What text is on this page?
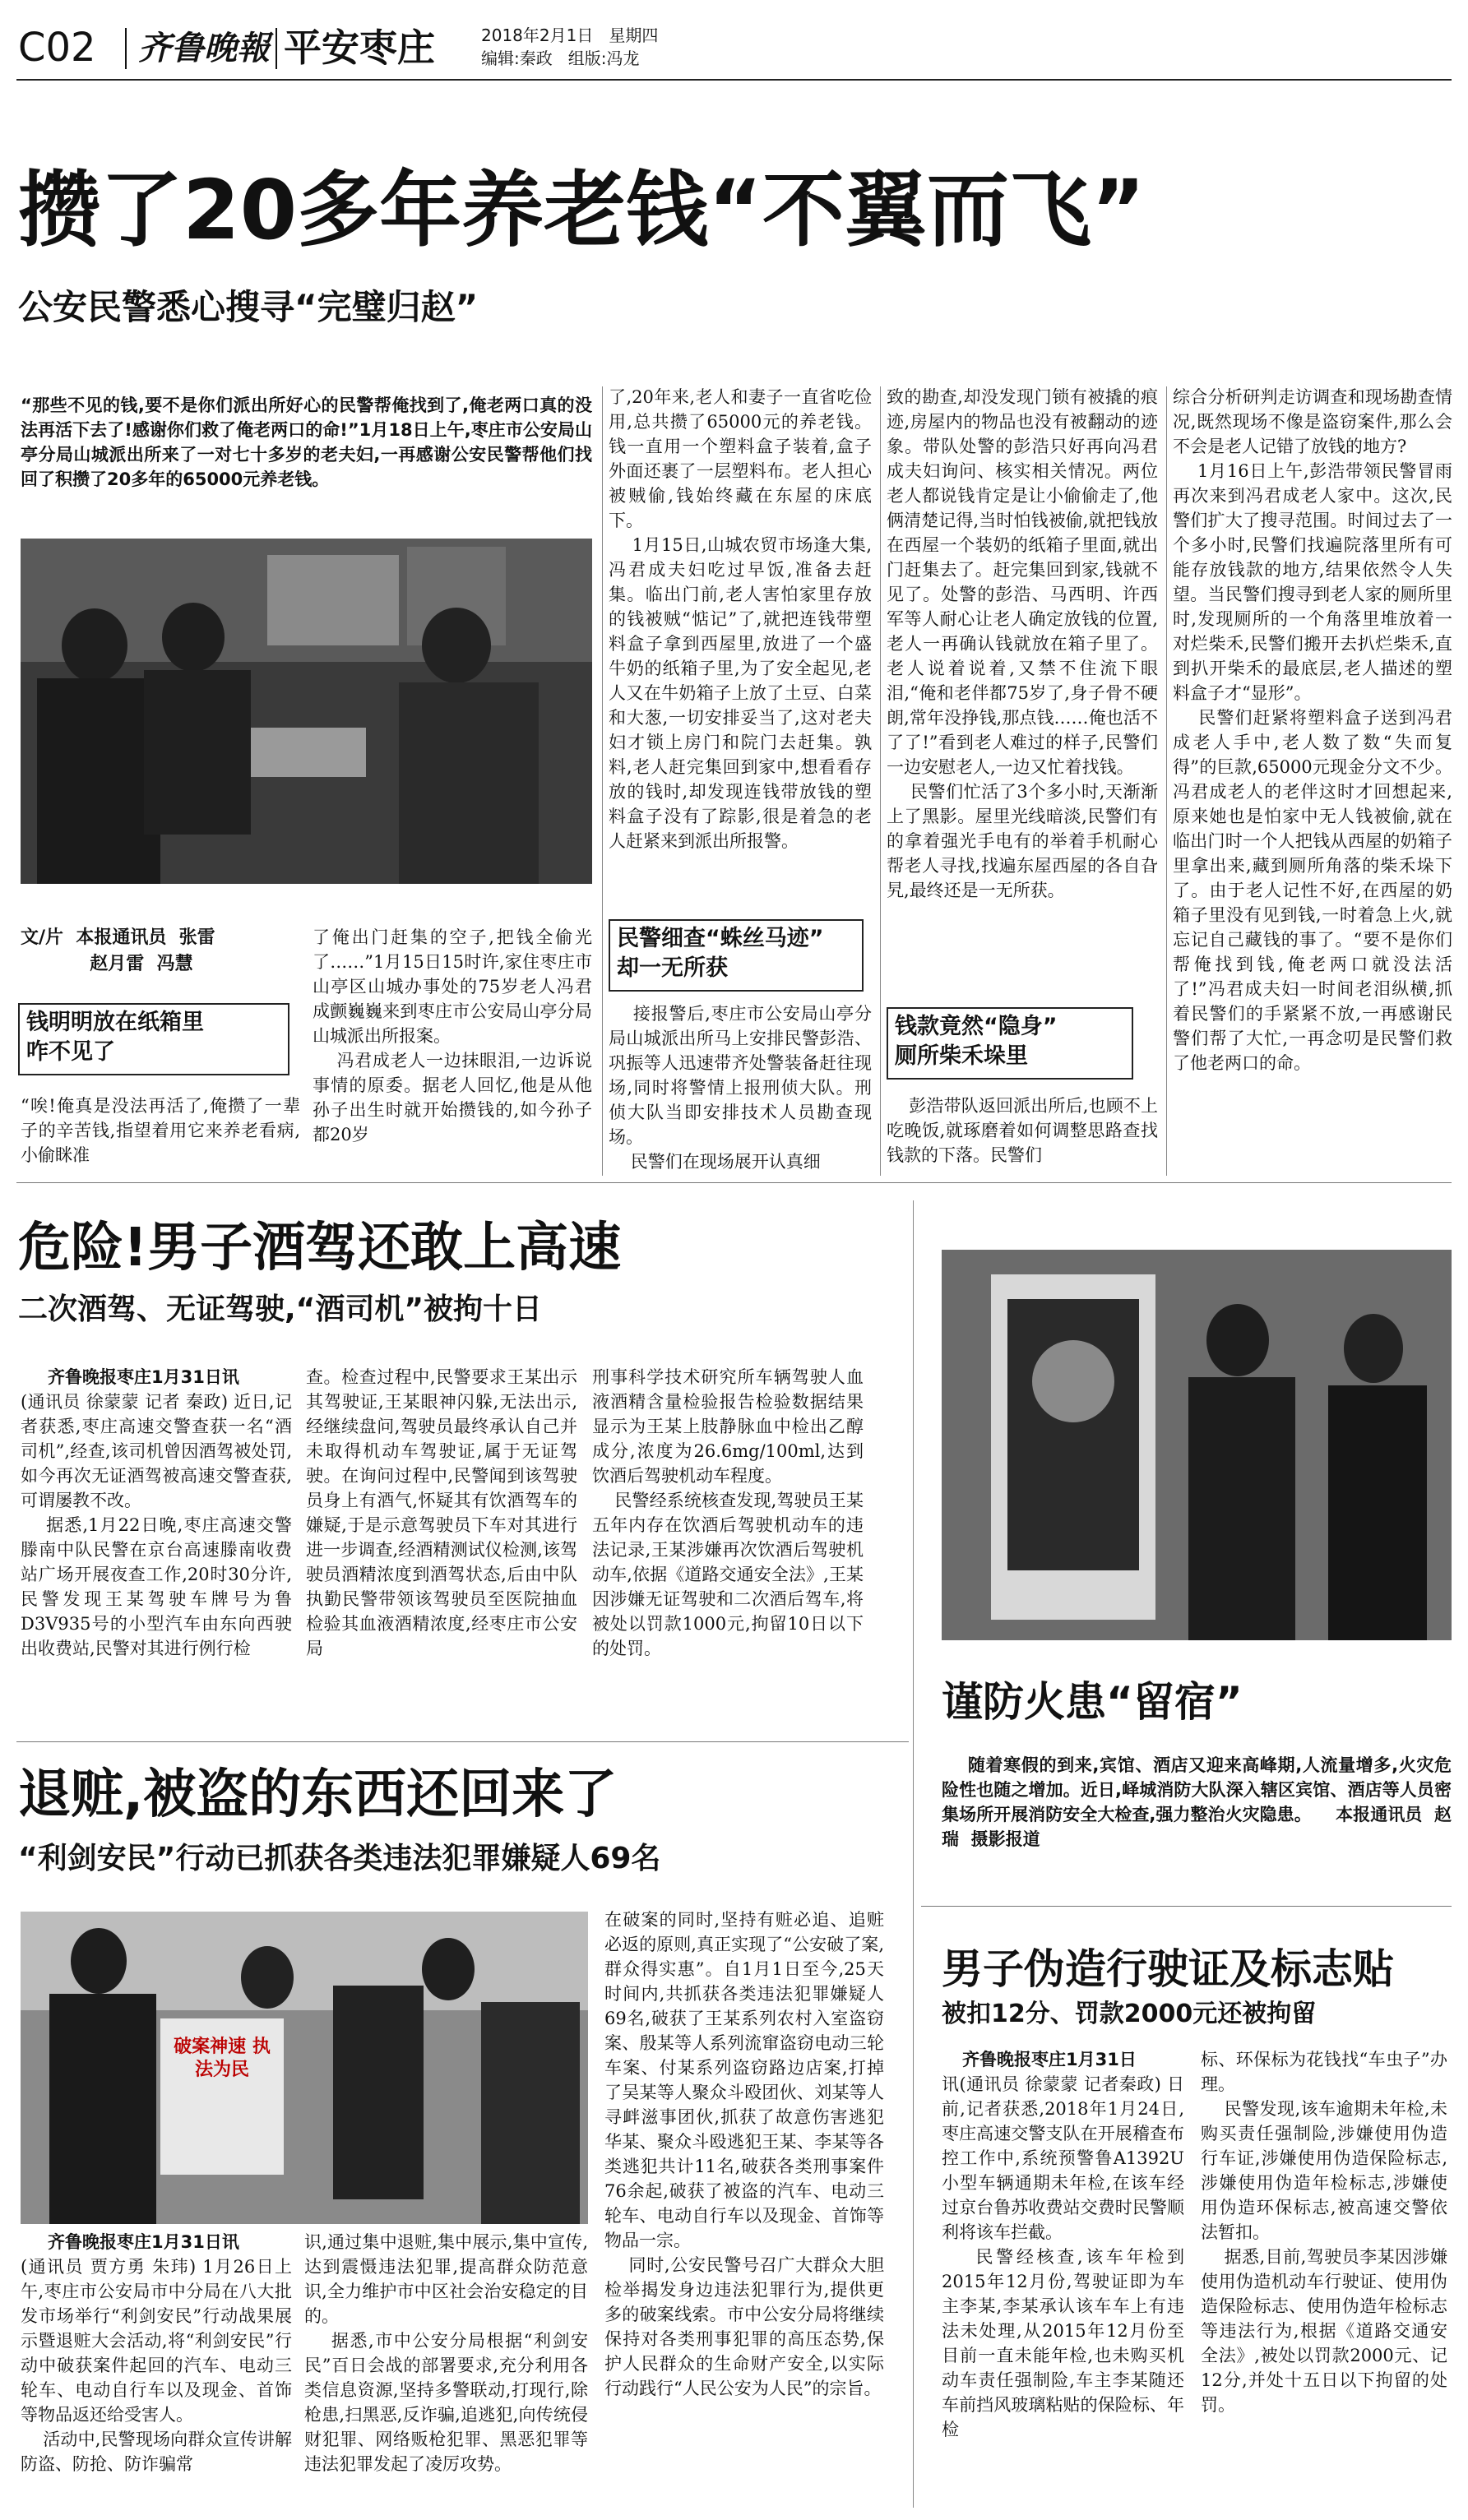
C02 齐鲁晚報 平安枣庄	2018年2月1日   星期四
编辑:秦政   组版:冯龙
攒了20多年养老钱“不翼而飞”
公安民警悉心搜寻“完璧归赵”
“那些不见的钱,要不是你们派出所好心的民警帮俺找到了,俺老两口真的没法再活下去了!感谢你们救了俺老两口的命!”1月18日上午,枣庄市公安局山亭分局山城派出所来了一对七十多岁的老夫妇,一再感谢公安民警帮他们找回了积攒了20多年的65000元养老钱。
文/片  本报通讯员  张雷
赵月雷  冯慧
钱明明放在纸箱里
咋不见了
“唉!俺真是没法再活了,俺攒了一辈子的辛苦钱,指望着用它来养老看病,小偷眯准
了俺出门赶集的空子,把钱全偷光了……”1月15日15时许,家住枣庄市山亭区山城办事处的75岁老人冯君成颤巍巍来到枣庄市公安局山亭分局山城派出所报案。
冯君成老人一边抹眼泪,一边诉说事情的原委。据老人回忆,他是从他孙子出生时就开始攒钱的,如今孙子都20岁
了,20年来,老人和妻子一直省吃俭用,总共攒了65000元的养老钱。钱一直用一个塑料盒子装着,盒子外面还裹了一层塑料布。老人担心被贼偷,钱始终藏在东屋的床底下。
1月15日,山城农贸市场逢大集,冯君成夫妇吃过早饭,准备去赶集。临出门前,老人害怕家里存放的钱被贼“惦记”了,就把连钱带塑料盒子拿到西屋里,放进了一个盛牛奶的纸箱子里,为了安全起见,老人又在牛奶箱子上放了土豆、白菜和大葱,一切安排妥当了,这对老夫妇才锁上房门和院门去赶集。孰料,老人赶完集回到家中,想看看存放的钱时,却发现连钱带放钱的塑料盒子没有了踪影,很是着急的老人赶紧来到派出所报警。
民警细查“蛛丝马迹”
却一无所获
接报警后,枣庄市公安局山亭分局山城派出所马上安排民警彭浩、巩振等人迅速带齐处警装备赶往现场,同时将警情上报刑侦大队。刑侦大队当即安排技术人员勘查现场。
民警们在现场展开认真细
致的勘查,却没发现门锁有被撬的痕迹,房屋内的物品也没有被翻动的迹象。带队处警的彭浩只好再向冯君成夫妇询问、核实相关情况。两位老人都说钱肯定是让小偷偷走了,他俩清楚记得,当时怕钱被偷,就把钱放在西屋一个装奶的纸箱子里面,就出门赶集去了。赶完集回到家,钱就不见了。处警的彭浩、马西明、许西军等人耐心让老人确定放钱的位置,老人一再确认钱就放在箱子里了。老人说着说着,又禁不住流下眼泪,“俺和老伴都75岁了,身子骨不硬朗,常年没挣钱,那点钱……俺也活不了了!”看到老人难过的样子,民警们一边安慰老人,一边又忙着找钱。
民警们忙活了3个多小时,天渐渐上了黑影。屋里光线暗淡,民警们有的拿着强光手电有的举着手机耐心帮老人寻找,找遍东屋西屋的各自旮旯,最终还是一无所获。
钱款竟然“隐身”
厕所柴禾垛里
彭浩带队返回派出所后,也顾不上吃晚饭,就琢磨着如何调整思路查找钱款的下落。民警们
综合分析研判走访调查和现场勘查情况,既然现场不像是盗窃案件,那么会不会是老人记错了放钱的地方?
1月16日上午,彭浩带领民警冒雨再次来到冯君成老人家中。这次,民警们扩大了搜寻范围。时间过去了一个多小时,民警们找遍院落里所有可能存放钱款的地方,结果依然令人失望。当民警们搜寻到老人家的厕所里时,发现厕所的一个角落里堆放着一对烂柴禾,民警们搬开去扒烂柴禾,直到扒开柴禾的最底层,老人描述的塑料盒子才“显形”。
民警们赶紧将塑料盒子送到冯君成老人手中,老人数了数“失而复得”的巨款,65000元现金分文不少。冯君成老人的老伴这时才回想起来,原来她也是怕家中无人钱被偷,就在临出门时一个人把钱从西屋的奶箱子里拿出来,藏到厕所角落的柴禾垛下了。由于老人记性不好,在西屋的奶箱子里没有见到钱,一时着急上火,就忘记自己藏钱的事了。“要不是你们帮俺找到钱,俺老两口就没法活了!”冯君成夫妇一时间老泪纵横,抓着民警们的手紧紧不放,一再感谢民警们帮了大忙,一再念叨是民警们救了他老两口的命。
危险!男子酒驾还敢上高速
二次酒驾、无证驾驶,“酒司机”被拘十日
齐鲁晚报枣庄1月31日讯
(通讯员 徐蒙蒙 记者 秦政) 近日,记者获悉,枣庄高速交警查获一名“酒司机”,经查,该司机曾因酒驾被处罚,如今再次无证酒驾被高速交警查获,可谓屡教不改。
据悉,1月22日晚,枣庄高速交警滕南中队民警在京台高速滕南收费站广场开展夜查工作,20时30分许,民警发现王某驾驶车牌号为鲁D3V935号的小型汽车由东向西驶出收费站,民警对其进行例行检
查。检查过程中,民警要求王某出示其驾驶证,王某眼神闪躲,无法出示,经继续盘问,驾驶员最终承认自己并未取得机动车驾驶证,属于无证驾驶。在询问过程中,民警闻到该驾驶员身上有酒气,怀疑其有饮酒驾车的嫌疑,于是示意驾驶员下车对其进行进一步调查,经酒精测试仪检测,该驾驶员酒精浓度到酒驾状态,后由中队执勤民警带领该驾驶员至医院抽血检验其血液酒精浓度,经枣庄市公安局
刑事科学技术研究所车辆驾驶人血液酒精含量检验报告检验数据结果显示为王某上肢静脉血中检出乙醇成分,浓度为26.6mg/100ml,达到饮酒后驾驶机动车程度。
民警经系统核查发现,驾驶员王某五年内存在饮酒后驾驶机动车的违法记录,王某涉嫌再次饮酒后驾驶机动车,依据《道路交通安全法》,王某因涉嫌无证驾驶和二次酒后驾车,将被处以罚款1000元,拘留10日以下的处罚。
谨防火患“留宿”
随着寒假的到来,宾馆、酒店又迎来高峰期,人流量增多,火灾危险性也随之增加。近日,峄城消防大队深入辖区宾馆、酒店等人员密集场所开展消防安全大检查,强力整治火灾隐患。    本报通讯员  赵瑞  摄影报道
退赃,被盗的东西还回来了
“利剑安民”行动已抓获各类违法犯罪嫌疑人69名
破案神速 执法为民
齐鲁晚报枣庄1月31日讯
(通讯员 贾方勇 朱玮) 1月26日上午,枣庄市公安局市中分局在八大批发市场举行“利剑安民”行动战果展示暨退赃大会活动,将“利剑安民”行动中破获案件起回的汽车、电动三轮车、电动自行车以及现金、首饰等物品返还给受害人。
活动中,民警现场向群众宣传讲解防盗、防抢、防诈骗常
识,通过集中退赃,集中展示,集中宣传,达到震慑违法犯罪,提高群众防范意识,全力维护市中区社会治安稳定的目的。
据悉,市中公安分局根据“利剑安民”百日会战的部署要求,充分利用各类信息资源,坚持多警联动,打现行,除枪患,扫黑恶,反诈骗,追逃犯,向传统侵财犯罪、网络贩枪犯罪、黑恶犯罪等违法犯罪发起了凌厉攻势。
在破案的同时,坚持有赃必追、追赃必返的原则,真正实现了“公安破了案,群众得实惠”。自1月1日至今,25天时间内,共抓获各类违法犯罪嫌疑人69名,破获了王某系列农村入室盗窃案、殷某等人系列流窜盗窃电动三轮车案、付某系列盗窃路边店案,打掉了吴某等人聚众斗殴团伙、刘某等人寻衅滋事团伙,抓获了故意伤害逃犯华某、聚众斗殴逃犯王某、李某等各类逃犯共计11名,破获各类刑事案件76余起,破获了被盗的汽车、电动三轮车、电动自行车以及现金、首饰等物品一宗。
同时,公安民警号召广大群众大胆检举揭发身边违法犯罪行为,提供更多的破案线索。市中公安分局将继续保持对各类刑事犯罪的高压态势,保护人民群众的生命财产安全,以实际行动践行“人民公安为人民”的宗旨。
男子伪造行驶证及标志贴
被扣12分、罚款2000元还被拘留
齐鲁晚报枣庄1月31日
讯(通讯员 徐蒙蒙 记者秦政) 日前,记者获悉,2018年1月24日,枣庄高速交警支队在开展稽查布控工作中,系统预警鲁A1392U小型车辆通期未年检,在该车经过京台鲁苏收费站交费时民警顺利将该车拦截。
民警经核查,该车年检到2015年12月份,驾驶证即为车主李某,李某承认该车车上有违法未处理,从2015年12月份至目前一直未能年检,也未购买机动车责任强制险,车主李某随还车前挡风玻璃粘贴的保险标、年检
标、环保标为花钱找“车虫子”办理。
民警发现,该车逾期未年检,未购买责任强制险,涉嫌使用伪造行车证,涉嫌使用伪造保险标志,涉嫌使用伪造年检标志,涉嫌使用伪造环保标志,被高速交警依法暂扣。
据悉,目前,驾驶员李某因涉嫌使用伪造机动车行驶证、使用伪造保险标志、使用伪造年检标志等违法行为,根据《道路交通安全法》,被处以罚款2000元、记12分,并处十五日以下拘留的处罚。
